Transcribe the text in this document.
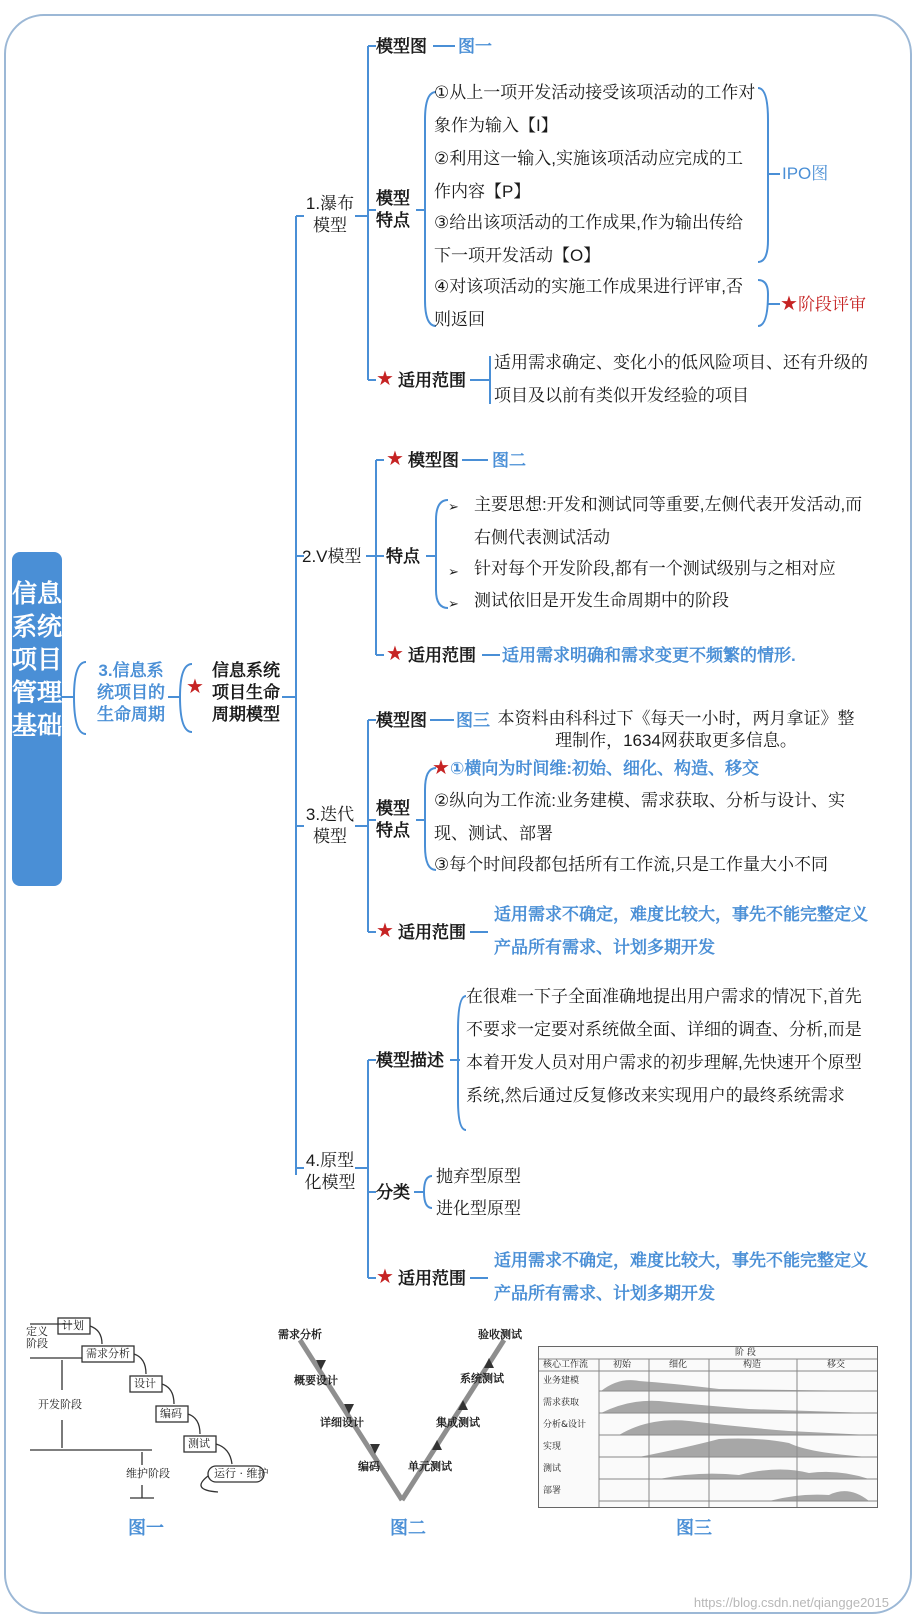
信息系统项目管理基础
3.信息系统项目的生命周期
★
信息系统项目生命周期模型
1.瀑布模型
模型图 图一
模型特点
①从上一项开发活动接受该项活动的工作对象作为输入【I】
②利用这一输入,实施该项活动应完成的工作内容【P】
③给出该项活动的工作成果,作为输出传给下一项开发活动【O】
④对该项活动的实施工作成果进行评审,否则返回
IPO图
★ 阶段评审
★ 适用范围
适用需求确定、变化小的低风险项目、还有升级的项目及以前有类似开发经验的项目
2.V模型
★ 模型图 图二
特点
➢ 主要思想:开发和测试同等重要,左侧代表开发活动,而右侧代表测试活动
➢ 针对每个开发阶段,都有一个测试级别与之相对应
➢ 测试依旧是开发生命周期中的阶段
★ 适用范围 适用需求明确和需求变更不频繁的情形.
3.迭代模型
模型图 图三 本资料由科科过下《每天一小时，两月拿证》整理制作，1634网获取更多信息。
模型特点
★ ①横向为时间维:初始、细化、构造、移交
②纵向为工作流:业务建模、需求获取、分析与设计、实现、测试、部署
③每个时间段都包括所有工作流,只是工作量大小不同
★ 适用范围
适用需求不确定，难度比较大，事先不能完整定义产品所有需求、计划多期开发
4.原型化模型
模型描述
在很难一下子全面准确地提出用户需求的情况下,首先不要求一定要对系统做全面、详细的调查、分析,而是本着开发人员对用户需求的初步理解,先快速开个原型系统,然后通过反复修改来实现用户的最终系统需求
分类
抛弃型原型
进化型原型
★ 适用范围
适用需求不确定，难度比较大，事先不能完整定义产品所有需求、计划多期开发
定义阶段
开发阶段
维护阶段
计划
需求分析
设计
编码
测试
运行 · 维护
图一
需求分析
概要设计
详细设计
编码
验收测试
系统测试
集成测试
单元测试
图二
阶 段
核心工作流	初始	细化	构造	移交
业务建模
需求获取
分析&设计
实现
测试
部署
图三
https://blog.csdn.net/qiangge2015
